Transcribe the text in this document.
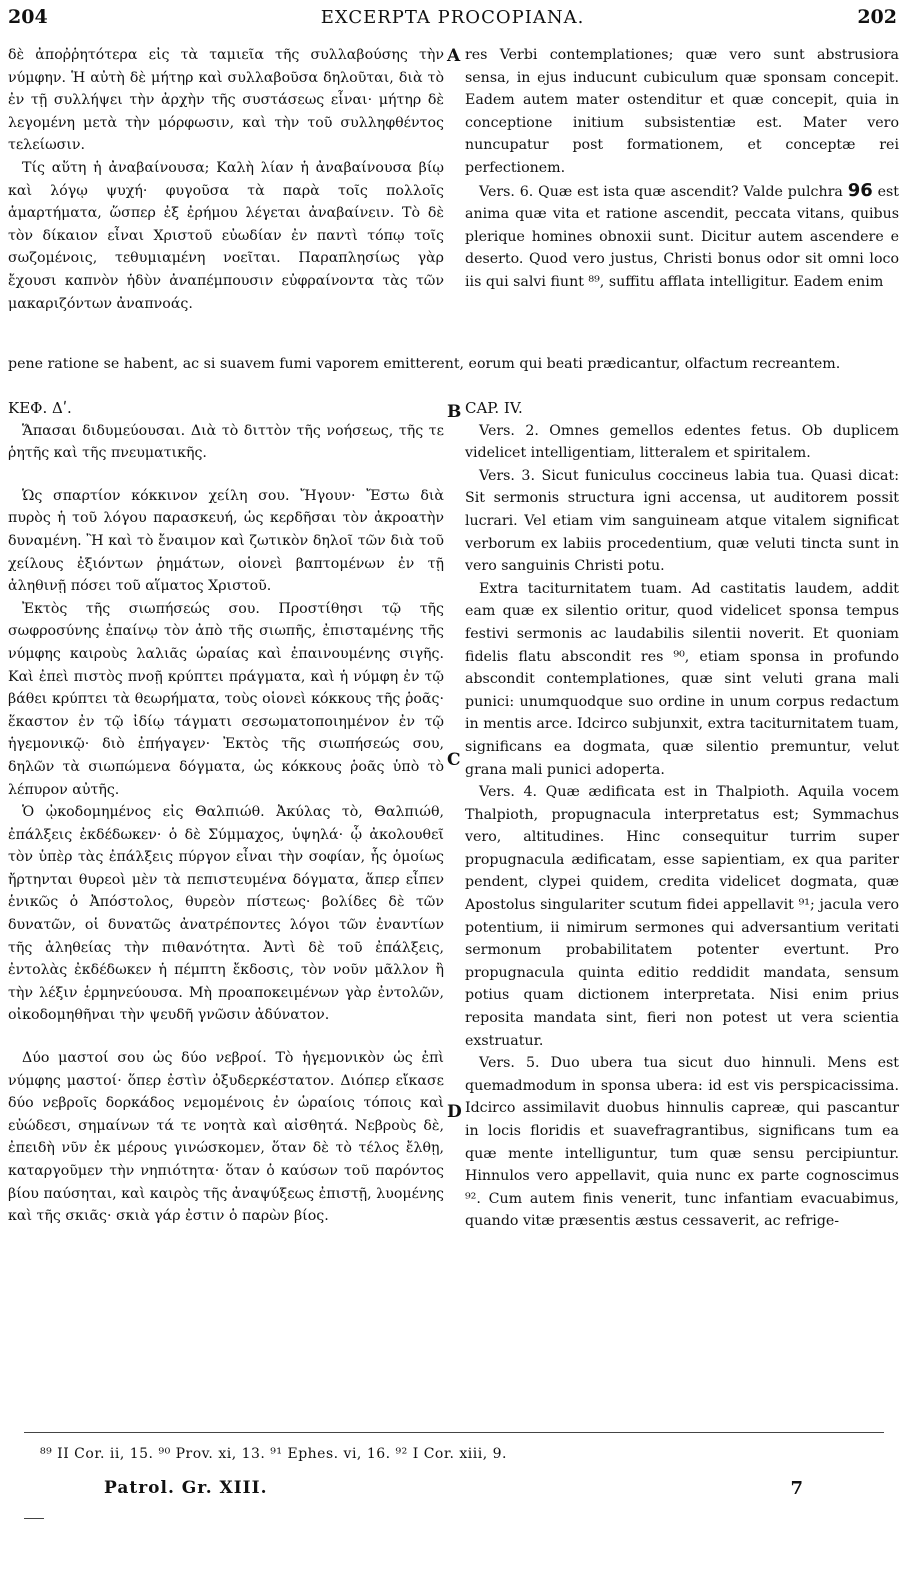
204	EXCERPTA PROCOPIANA.	202
A
B
C
D

δὲ ἀποῤῥητότερα εἰς τὰ ταμιεῖα τῆς συλλαβούσης τὴν νύμφην. Ἡ αὐτὴ δὲ μήτηρ καὶ συλλαβοῦσα δηλοῦται, διὰ τὸ ἐν τῇ συλλήψει τὴν ἀρχὴν τῆς συστάσεως εἶναι· μήτηρ δὲ λεγομένη μετὰ τὴν μόρφωσιν, καὶ τὴν τοῦ συλληφθέντος τελείωσιν.

Τίς αὕτη ἡ ἀναβαίνουσα; Καλὴ λίαν ἡ ἀναβαίνουσα βίῳ καὶ λόγῳ ψυχή· φυγοῦσα τὰ παρὰ τοῖς πολλοῖς ἁμαρτήματα, ὥσπερ ἐξ ἐρήμου λέγεται ἀναβαίνειν. Τὸ δὲ τὸν δίκαιον εἶναι Χριστοῦ εὐωδίαν ἐν παντὶ τόπῳ τοῖς σωζομένοις, τεθυμιαμένη νοεῖται. Παραπλησίως γὰρ ἔχουσι καπνὸν ἡδὺν ἀναπέμπουσιν εὐφραίνοντα τὰς τῶν μακαριζόντων ἀναπνοάς.

res Verbi contemplationes; quæ vero sunt abstrusiora sensa, in ejus inducunt cubiculum quæ sponsam concepit. Eadem autem mater ostenditur et quæ concepit, quia in conceptione initium subsistentiæ est. Mater vero nuncupatur post formationem, et conceptæ rei perfectionem.

Vers. 6. Quæ est ista quæ ascendit? Valde pulchra 96 est anima quæ vita et ratione ascendit, peccata vitans, quibus plerique homines obnoxii sunt. Dicitur autem ascendere e deserto. Quod vero justus, Christi bonus odor sit omni loco iis qui salvi fiunt ⁸⁹, suffitu afflata intelligitur. Eadem enim

pene ratione se habent, ac si suavem fumi vaporem emitterent, eorum qui beati prædicantur, olfactum recreantem.

ΚΕΦ. Δʹ.

Ἅπασαι διδυμεύουσαι. Διὰ τὸ διττὸν τῆς νοήσεως, τῆς τε ῥητῆς καὶ τῆς πνευματικῆς.

Ὡς σπαρτίον κόκκινον χείλη σου. Ἤγουν· Ἔστω διὰ πυρὸς ἡ τοῦ λόγου παρασκευή, ὡς κερδῆσαι τὸν ἀκροατὴν δυναμένη. Ἢ καὶ τὸ ἔναιμον καὶ ζωτικὸν δηλοῖ τῶν διὰ τοῦ χείλους ἐξιόντων ῥημάτων, οἱονεὶ βαπτομένων ἐν τῇ ἀληθινῇ πόσει τοῦ αἵματος Χριστοῦ.

Ἐκτὸς τῆς σιωπήσεώς σου. Προστίθησι τῷ τῆς σωφροσύνης ἐπαίνῳ τὸν ἀπὸ τῆς σιωπῆς, ἐπισταμένης τῆς νύμφης καιροὺς λαλιᾶς ὡραίας καὶ ἐπαινουμένης σιγῆς. Καὶ ἐπεὶ πιστὸς πνοῇ κρύπτει πράγματα, καὶ ἡ νύμφη ἐν τῷ βάθει κρύπτει τὰ θεωρήματα, τοὺς οἱονεὶ κόκκους τῆς ῥοᾶς· ἕκαστον ἐν τῷ ἰδίῳ τάγματι σεσωματοποιημένον ἐν τῷ ἡγεμονικῷ· διὸ ἐπήγαγεν· Ἐκτὸς τῆς σιωπήσεώς σου, δηλῶν τὰ σιωπώμενα δόγματα, ὡς κόκκους ῥοᾶς ὑπὸ τὸ λέπυρον αὐτῆς.

Ὁ ᾠκοδομημένος εἰς Θαλπιώθ. Ἀκύλας τὸ, Θαλπιώθ, ἐπάλξεις ἐκδέδωκεν· ὁ δὲ Σύμμαχος, ὑψηλά· ᾧ ἀκολουθεῖ τὸν ὑπὲρ τὰς ἐπάλξεις πύργον εἶναι τὴν σοφίαν, ἧς ὁμοίως ἤρτηνται θυρεοὶ μὲν τὰ πεπιστευμένα δόγματα, ἅπερ εἶπεν ἑνικῶς ὁ Ἀπόστολος, θυρεὸν πίστεως· βολίδες δὲ τῶν δυνατῶν, οἱ δυνατῶς ἀνατρέποντες λόγοι τῶν ἐναντίων τῆς ἀληθείας τὴν πιθανότητα. Ἀντὶ δὲ τοῦ ἐπάλξεις, ἐντολὰς ἐκδέδωκεν ἡ πέμπτη ἔκδοσις, τὸν νοῦν μᾶλλον ἢ τὴν λέξιν ἑρμηνεύουσα. Μὴ προαποκειμένων γὰρ ἐντολῶν, οἰκοδομηθῆναι τὴν ψευδῆ γνῶσιν ἀδύνατον.

Δύο μαστοί σου ὡς δύο νεβροί. Τὸ ἡγεμονικὸν ὡς ἐπὶ νύμφης μαστοί· ὅπερ ἐστὶν ὀξυδερκέστατον. Διόπερ εἴκασε δύο νεβροῖς δορκάδος νεμομένοις ἐν ὡραίοις τόποις καὶ εὐώδεσι, σημαίνων τά τε νοητὰ καὶ αἰσθητά. Νεβροὺς δὲ, ἐπειδὴ νῦν ἐκ μέρους γινώσκομεν, ὅταν δὲ τὸ τέλος ἔλθῃ, καταργοῦμεν τὴν νηπιότητα· ὅταν ὁ καύσων τοῦ παρόντος βίου παύσηται, καὶ καιρὸς τῆς ἀναψύξεως ἐπιστῇ, λυομένης καὶ τῆς σκιᾶς· σκιὰ γάρ ἐστιν ὁ παρὼν βίος.

CAP. IV.

Vers. 2. Omnes gemellos edentes fetus. Ob duplicem videlicet intelligentiam, litteralem et spiritalem.

Vers. 3. Sicut funiculus coccineus labia tua. Quasi dicat: Sit sermonis structura igni accensa, ut auditorem possit lucrari. Vel etiam vim sanguineam atque vitalem significat verborum ex labiis procedentium, quæ veluti tincta sunt in vero sanguinis Christi potu.

Extra taciturnitatem tuam. Ad castitatis laudem, addit eam quæ ex silentio oritur, quod videlicet sponsa tempus festivi sermonis ac laudabilis silentii noverit. Et quoniam fidelis flatu abscondit res ⁹⁰, etiam sponsa in profundo abscondit contemplationes, quæ sint veluti grana mali punici: unumquodque suo ordine in unum corpus redactum in mentis arce. Idcirco subjunxit, extra taciturnitatem tuam, significans ea dogmata, quæ silentio premuntur, velut grana mali punici adoperta.

Vers. 4. Quæ ædificata est in Thalpioth. Aquila vocem Thalpioth, propugnacula interpretatus est; Symmachus vero, altitudines. Hinc consequitur turrim super propugnacula ædificatam, esse sapientiam, ex qua pariter pendent, clypei quidem, credita videlicet dogmata, quæ Apostolus singulariter scutum fidei appellavit ⁹¹; jacula vero potentium, ii nimirum sermones qui adversantium veritati sermonum probabilitatem potenter evertunt. Pro propugnacula quinta editio reddidit mandata, sensum potius quam dictionem interpretata. Nisi enim prius reposita mandata sint, fieri non potest ut vera scientia exstruatur.

Vers. 5. Duo ubera tua sicut duo hinnuli. Mens est quemadmodum in sponsa ubera: id est vis perspicacissima. Idcirco assimilavit duobus hinnulis capreæ, qui pascantur in locis floridis et suavefragrantibus, significans tum ea quæ mente intelliguntur, tum quæ sensu percipiuntur. Hinnulos vero appellavit, quia nunc ex parte cognoscimus ⁹². Cum autem finis venerit, tunc infantiam evacuabimus, quando vitæ præsentis æstus cessaverit, ac refrige-

⁸⁹ II Cor. ii, 15. ⁹⁰ Prov. xi, 13. ⁹¹ Ephes. vi, 16. ⁹² I Cor. xiii, 9.
Patrol. Gr. XIII.	7
